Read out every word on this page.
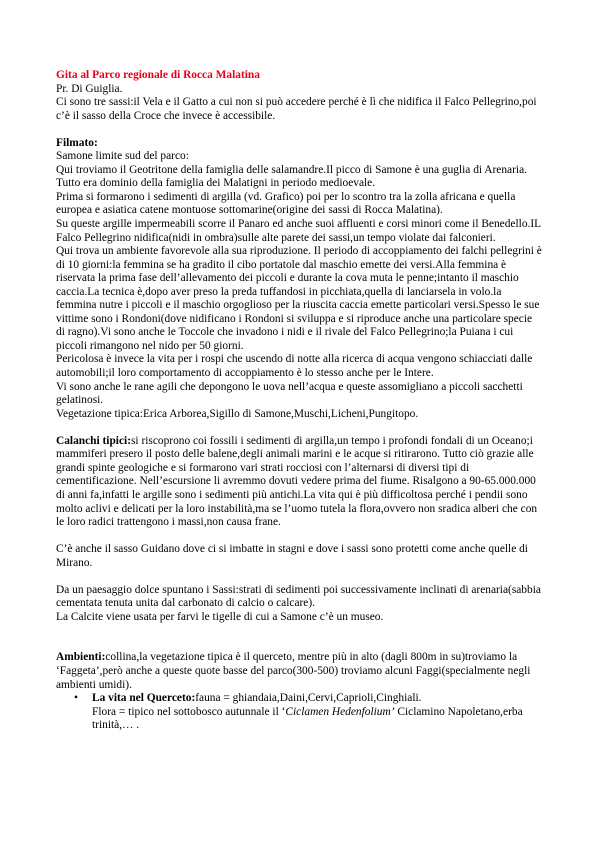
Gita al Parco regionale di Rocca Malatina

Pr. Di Guiglia.

Ci sono tre sassi:il Vela e il Gatto a cui non si può accedere perché è lì che nidifica il Falco Pellegrino,poi c’è il sasso della Croce che invece è accessibile.

Filmato:

Samone limite sud del parco:

Qui troviamo il Geotritone della famiglia delle salamandre.Il picco di Samone è una guglia di Arenaria.

Tutto era dominio della famiglia dei Malatigni in periodo medioevale.

Prima si formarono i sedimenti di argilla (vd. Grafico) poi per lo scontro tra la zolla africana e quella europea e asiatica catene montuose sottomarine(origine dei sassi di Rocca Malatina).

Su queste argille impermeabili scorre il Panaro ed anche suoi affluenti e corsi minori come il Benedello.IL Falco Pellegrino nidifica(nidi in ombra)sulle alte parete dei sassi,un tempo violate dai falconieri.

Qui trova un ambiente favorevole alla sua riproduzione. Il periodo di accoppiamento dei falchi pellegrini è di 10 giorni:la femmina se ha gradito il cibo portatole dal maschio emette dei versi.Alla femmina è riservata la prima fase dell’allevamento dei piccoli e durante la cova muta le penne;intanto il maschio caccia.La tecnica è,dopo aver preso la preda tuffandosi in picchiata,quella di lanciarsela in volo.la femmina nutre i piccoli e il maschio orgoglioso per la riuscita caccia emette particolari versi.Spesso le sue vittime sono i Rondoni(dove nidificano i Rondoni si sviluppa e si riproduce anche una particolare specie di ragno).Vi sono anche le Toccole che invadono i nidi e il rivale del Falco Pellegrino;la Puiana i cui piccoli rimangono nel nido per 50 giorni.

Pericolosa è invece la vita per i rospi che uscendo di notte alla ricerca di acqua vengono schiacciati dalle automobili;il loro comportamento di accoppiamento è lo stesso anche per le Intere.

Vi sono anche le rane agili che depongono le uova nell’acqua e queste assomigliano a piccoli sacchetti gelatinosi.

Vegetazione tipica:Erica Arborea,Sigillo di Samone,Muschi,Licheni,Pungitopo.

Calanchi tipici:si riscoprono coi fossili i sedimenti di argilla,un tempo i profondi fondali di un Oceano;i mammiferi presero il posto delle balene,degli animali marini e le acque si ritirarono. Tutto ciò grazie alle grandi spinte geologiche e si formarono vari strati rocciosi con l’alternarsi di diversi tipi di cementificazione. Nell’escursione li avremmo dovuti vedere prima del fiume. Risalgono a 90-65.000.000 di anni fa,infatti le argille sono i sedimenti più antichi.La vita qui è più difficoltosa perché i pendii sono molto aclivi e delicati per la loro instabilità,ma se l’uomo tutela la flora,ovvero non sradica alberi che con le loro radici trattengono i massi,non causa frane.

C’è anche il sasso Guidano dove ci si imbatte in stagni e dove i sassi sono protetti come anche quelle di Mirano.

Da un paesaggio dolce spuntano i Sassi:strati di sedimenti poi successivamente inclinati di arenaria(sabbia cementata tenuta unita dal carbonato di calcio o calcare).

La Calcite viene usata per farvi le tigelle di cui a Samone c’è un museo.

Ambienti:collina,la vegetazione tipica è il querceto, mentre più in alto (dagli 800m in su)troviamo la ‘Faggeta’,però anche a queste quote basse del parco(300-500) troviamo alcuni Faggi(specialmente negli ambienti umidi).

• La vita nel Querceto:fauna = ghiandaia,Daini,Cervi,Caprioli,Cinghiali.

Flora = tipico nel sottobosco autunnale il ‘Ciclamen Hedenfolium’ Ciclamino Napoletano,erba trinità,… .
